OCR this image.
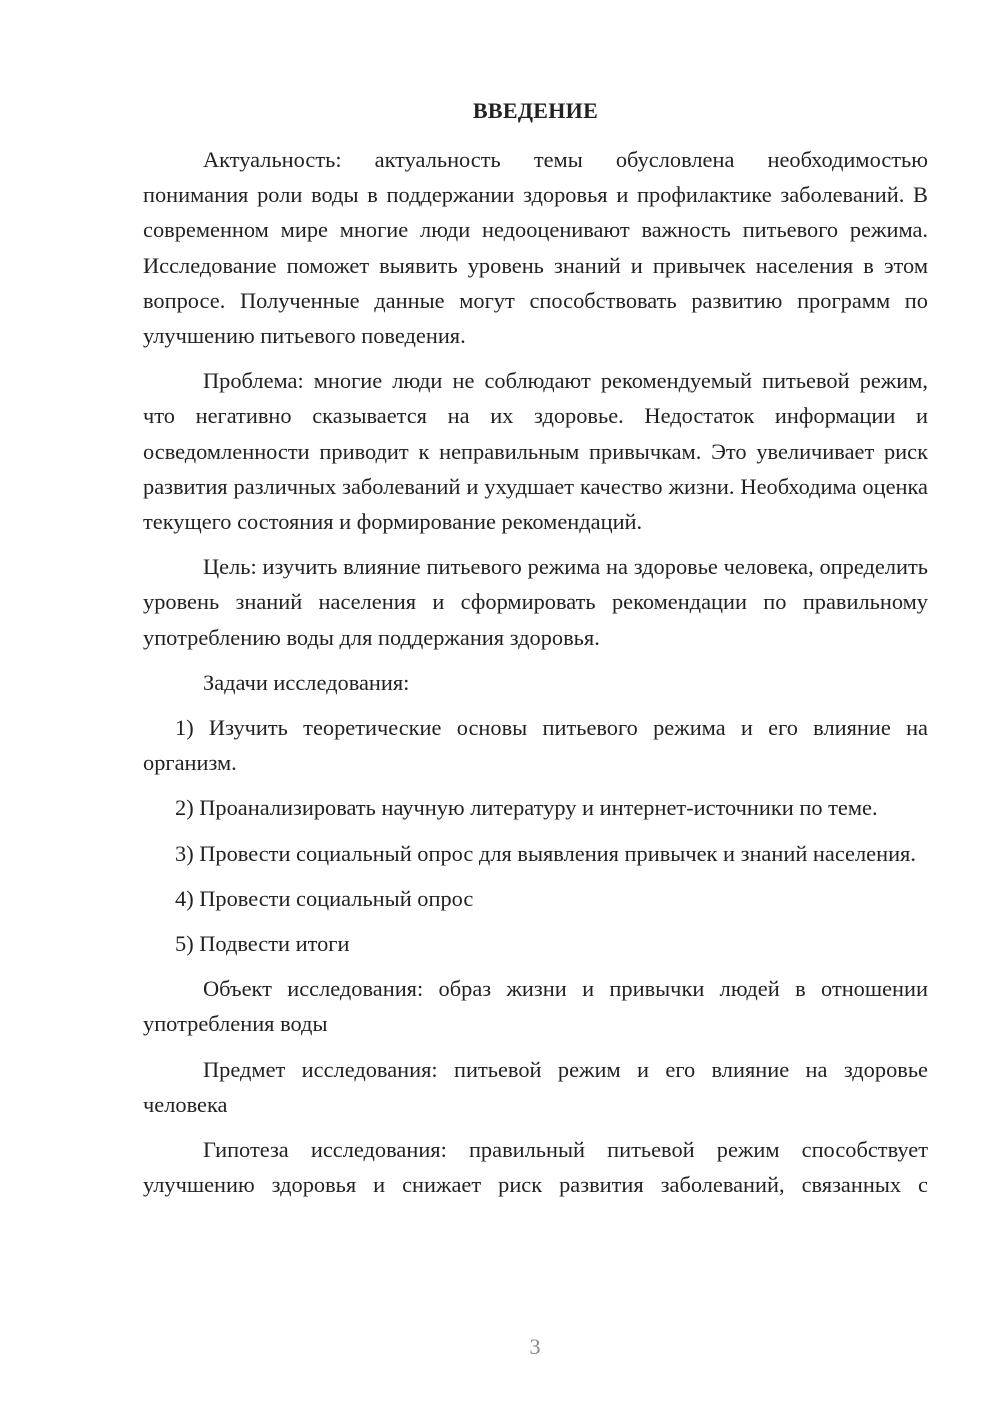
ВВЕДЕНИЕ

Актуальность: актуальность темы обусловлена необходимостью понимания роли воды в поддержании здоровья и профилактике заболеваний. В современном мире многие люди недооценивают важность питьевого режима. Исследование поможет выявить уровень знаний и привычек населения в этом вопросе. Полученные данные могут способствовать развитию программ по улучшению питьевого поведения.

Проблема: многие люди не соблюдают рекомендуемый питьевой режим, что негативно сказывается на их здоровье. Недостаток информации и осведомленности приводит к неправильным привычкам. Это увеличивает риск развития различных заболеваний и ухудшает качество жизни. Необходима оценка текущего состояния и формирование рекомендаций.

Цель: изучить влияние питьевого режима на здоровье человека, определить уровень знаний населения и сформировать рекомендации по правильному употреблению воды для поддержания здоровья.

Задачи исследования:

1) Изучить теоретические основы питьевого режима и его влияние на организм.

2) Проанализировать научную литературу и интернет-источники по теме.

3) Провести социальный опрос для выявления привычек и знаний населения.

4) Провести социальный опрос

5) Подвести итоги

Объект исследования: образ жизни и привычки людей в отношении употребления воды

Предмет исследования: питьевой режим и его влияние на здоровье человека

Гипотеза исследования: правильный питьевой режим способствует улучшению здоровья и снижает риск развития заболеваний, связанных с

3
